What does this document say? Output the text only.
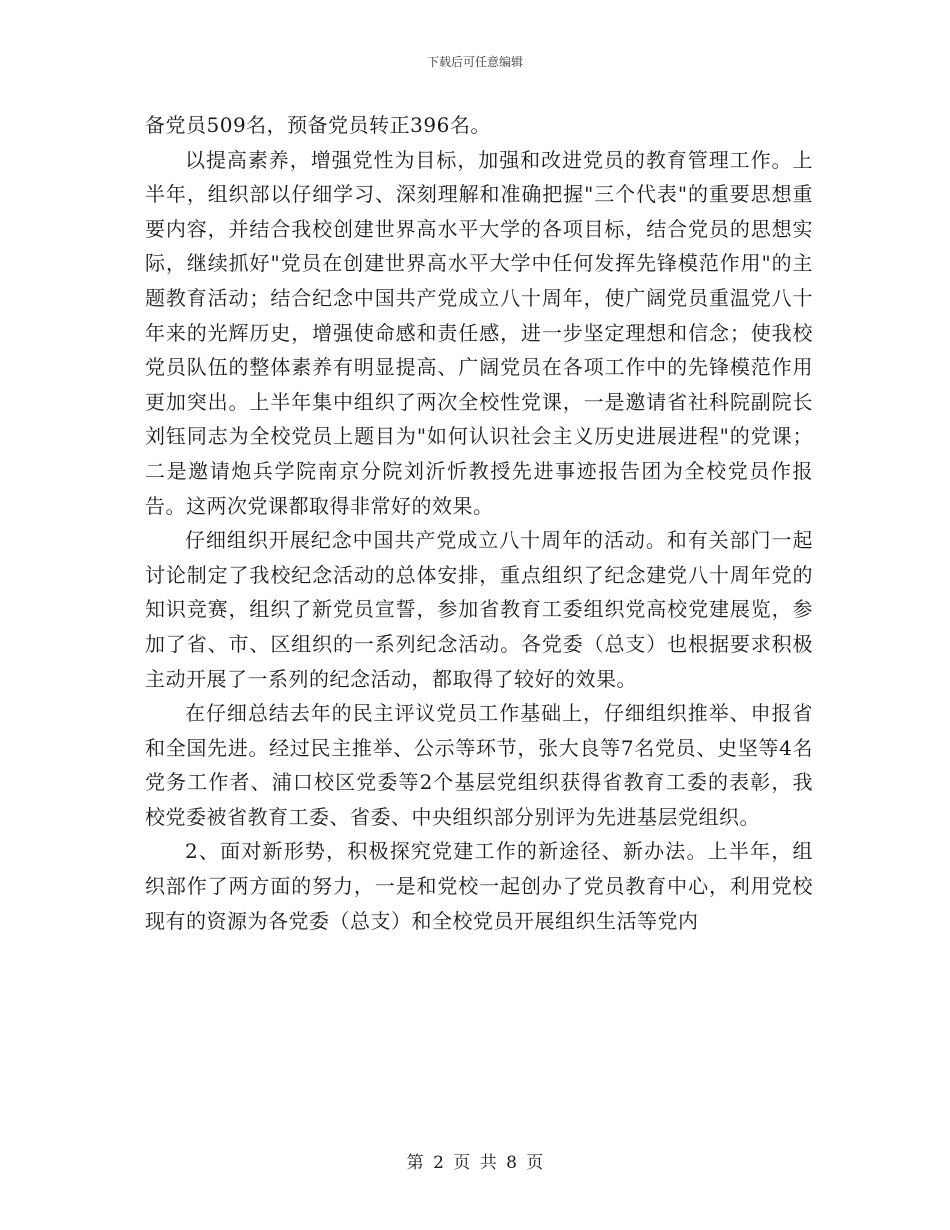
下载后可任意编辑

备党员509名，预备党员转正396名。

以提高素养，增强党性为目标，加强和改进党员的教育管理工作。上半年，组织部以仔细学习、深刻理解和准确把握"三个代表"的重要思想重要内容，并结合我校创建世界高水平大学的各项目标，结合党员的思想实际，继续抓好"党员在创建世界高水平大学中任何发挥先锋模范作用"的主题教育活动；结合纪念中国共产党成立八十周年，使广阔党员重温党八十年来的光辉历史，增强使命感和责任感，进一步坚定理想和信念；使我校党员队伍的整体素养有明显提高、广阔党员在各项工作中的先锋模范作用更加突出。上半年集中组织了两次全校性党课，一是邀请省社科院副院长刘钰同志为全校党员上题目为"如何认识社会主义历史进展进程"的党课；二是邀请炮兵学院南京分院刘沂忻教授先进事迹报告团为全校党员作报告。这两次党课都取得非常好的效果。

仔细组织开展纪念中国共产党成立八十周年的活动。和有关部门一起讨论制定了我校纪念活动的总体安排，重点组织了纪念建党八十周年党的知识竞赛，组织了新党员宣誓，参加省教育工委组织党高校党建展览，参加了省、市、区组织的一系列纪念活动。各党委（总支）也根据要求积极主动开展了一系列的纪念活动，都取得了较好的效果。

在仔细总结去年的民主评议党员工作基础上，仔细组织推举、申报省和全国先进。经过民主推举、公示等环节，张大良等7名党员、史坚等4名党务工作者、浦口校区党委等2个基层党组织获得省教育工委的表彰，我校党委被省教育工委、省委、中央组织部分别评为先进基层党组织。

2、面对新形势，积极探究党建工作的新途径、新办法。上半年，组织部作了两方面的努力，一是和党校一起创办了党员教育中心，利用党校现有的资源为各党委（总支）和全校党员开展组织生活等党内

第 2 页 共 8 页
